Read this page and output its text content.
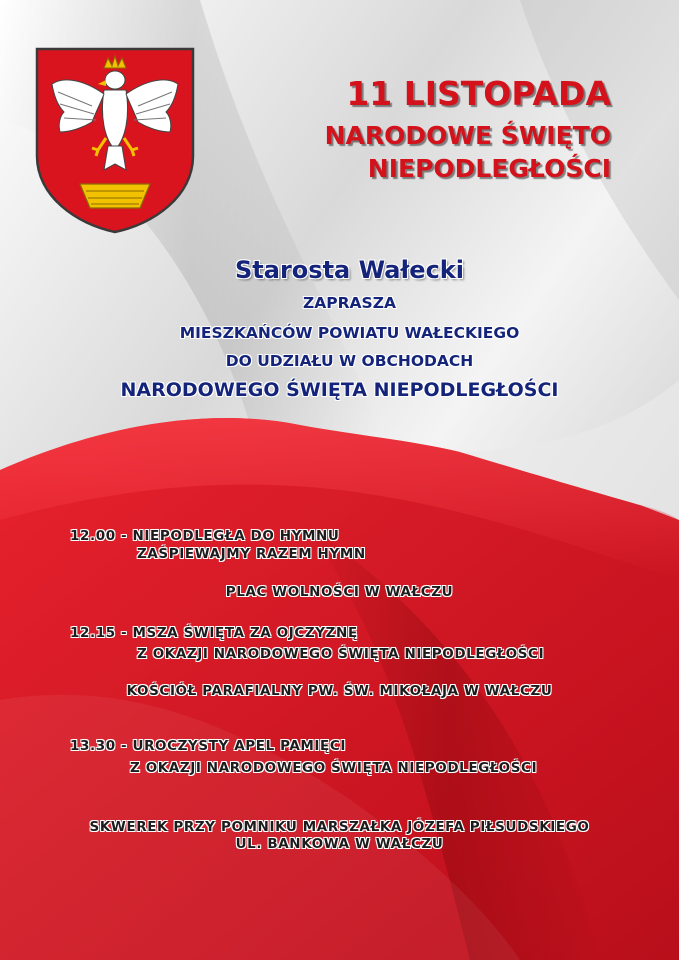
11 LISTOPADA
NARODOWE ŚWIĘTO
NIEPODLEGŁOŚCI
Starosta Wałecki
ZAPRASZA
MIESZKAŃCÓW POWIATU WAŁECKIEGO
DO UDZIAŁU W OBCHODACH
NARODOWEGO ŚWIĘTA NIEPODLEGŁOŚCI
12.00 - NIEPODLEGŁA DO HYMNU
ZAŚPIEWAJMY RAZEM HYMN
PLAC WOLNOŚCI W WAŁCZU
12.15 - MSZA ŚWIĘTA ZA OJCZYZNĘ
Z OKAZJI NARODOWEGO ŚWIĘTA NIEPODLEGŁOŚCI
KOŚCIÓŁ PARAFIALNY PW. ŚW. MIKOŁAJA W WAŁCZU
13.30 - UROCZYSTY APEL PAMIĘCI
Z OKAZJI NARODOWEGO ŚWIĘTA NIEPODLEGŁOŚCI
SKWEREK PRZY POMNIKU MARSZAŁKA JÓZEFA PIŁSUDSKIEGO
UL. BANKOWA W WAŁCZU
